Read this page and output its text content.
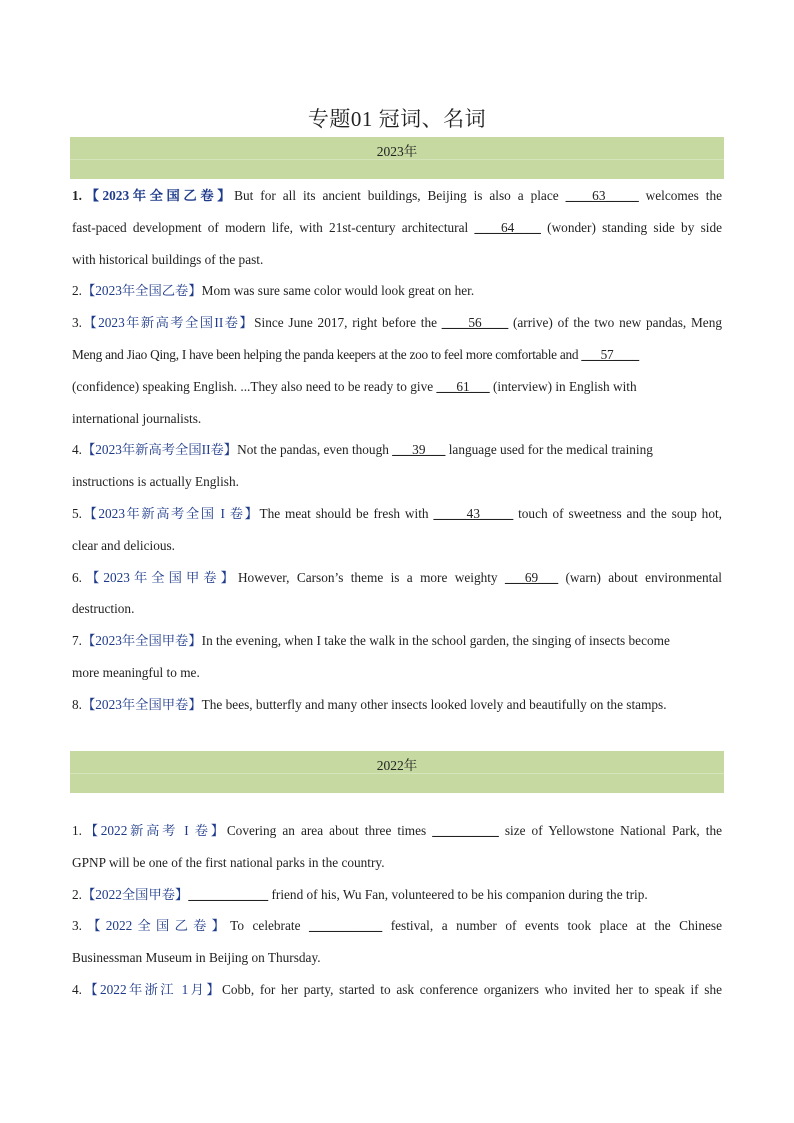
专题01 冠词、名词
2023年
1.【2023年全国乙卷】But for all its ancient buildings, Beijing is also a place ____63_____ welcomes the
fast-paced development of modern life, with 21st-century architectural ____64____ (wonder) standing side by side
with historical buildings of the past.
2.【2023年全国乙卷】Mom was sure same color would look great on her.
3.【2023年新高考全国II卷】Since June 2017, right before the ____56____ (arrive) of the two new pandas, Meng
Meng and Jiao Qing, I have been helping the panda keepers at the zoo to feel more comfortable and ___57____
(confidence) speaking English. ...They also need to be ready to give ___61___ (interview) in English with
international journalists.
4.【2023年新高考全国II卷】Not the pandas, even though ___39___ language used for the medical training
instructions is actually English.
5.【2023年新高考全国 I 卷】The meat should be fresh with _____43_____ touch of sweetness and the soup hot,
clear and delicious.
6.【2023年全国甲卷】However, Carson’s theme is a more weighty ___69___ (warn) about environmental
destruction.
7.【2023年全国甲卷】In the evening, when I take the walk in the school garden, the singing of insects become
more meaningful to me.
8.【2023年全国甲卷】The bees, butterfly and many other insects looked lovely and beautifully on the stamps.
2022年
1.【2022新高考 I 卷】Covering an area about three times __________ size of Yellowstone National Park, the
GPNP will be one of the first national parks in the country.
2.【2022全国甲卷】____________ friend of his, Wu Fan, volunteered to be his companion during the trip.
3.【2022全国乙卷】To celebrate ___________ festival, a number of events took place at the Chinese
Businessman Museum in Beijing on Thursday.
4.【2022年浙江 1月】Cobb, for her party, started to ask conference organizers who invited her to speak if she
